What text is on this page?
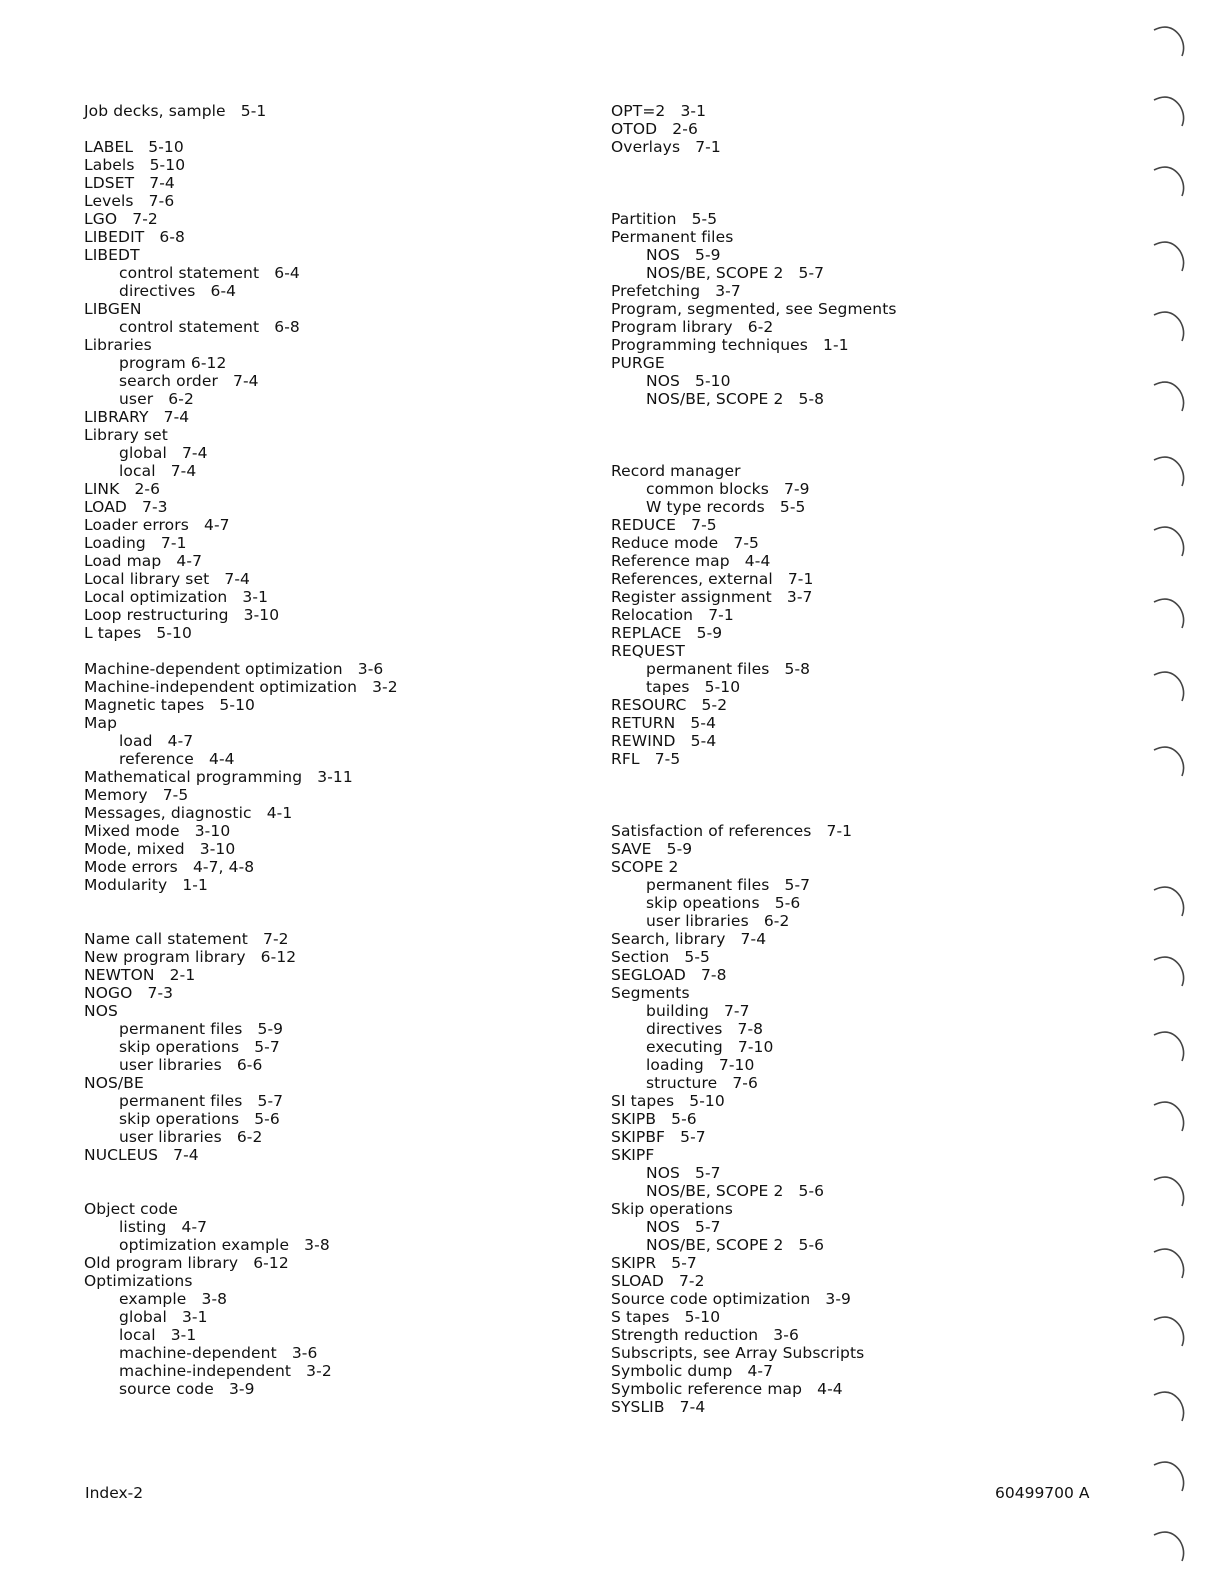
Job decks, sample   5-1
LABEL   5-10
Labels   5-10
LDSET   7-4
Levels   7-6
LGO   7-2
LIBEDIT   6-8
LIBEDT
control statement   6-4
directives   6-4
LIBGEN
control statement   6-8
Libraries
program 6-12
search order   7-4
user   6-2
LIBRARY   7-4
Library set
global   7-4
local   7-4
LINK   2-6
LOAD   7-3
Loader errors   4-7
Loading   7-1
Load map   4-7
Local library set   7-4
Local optimization   3-1
Loop restructuring   3-10
L tapes   5-10
Machine-dependent optimization   3-6
Machine-independent optimization   3-2
Magnetic tapes   5-10
Map
load   4-7
reference   4-4
Mathematical programming   3-11
Memory   7-5
Messages, diagnostic   4-1
Mixed mode   3-10
Mode, mixed   3-10
Mode errors   4-7, 4-8
Modularity   1-1
Name call statement   7-2
New program library   6-12
NEWTON   2-1
NOGO   7-3
NOS
permanent files   5-9
skip operations   5-7
user libraries   6-6
NOS/BE
permanent files   5-7
skip operations   5-6
user libraries   6-2
NUCLEUS   7-4
Object code
listing   4-7
optimization example   3-8
Old program library   6-12
Optimizations
example   3-8
global   3-1
local   3-1
machine-dependent   3-6
machine-independent   3-2
source code   3-9
OPT=2   3-1
OTOD   2-6
Overlays   7-1
Partition   5-5
Permanent files
NOS   5-9
NOS/BE, SCOPE 2   5-7
Prefetching   3-7
Program, segmented, see Segments
Program library   6-2
Programming techniques   1-1
PURGE
NOS   5-10
NOS/BE, SCOPE 2   5-8
Record manager
common blocks   7-9
W type records   5-5
REDUCE   7-5
Reduce mode   7-5
Reference map   4-4
References, external   7-1
Register assignment   3-7
Relocation   7-1
REPLACE   5-9
REQUEST
permanent files   5-8
tapes   5-10
RESOURC   5-2
RETURN   5-4
REWIND   5-4
RFL   7-5
Satisfaction of references   7-1
SAVE   5-9
SCOPE 2
permanent files   5-7
skip opeations   5-6
user libraries   6-2
Search, library   7-4
Section   5-5
SEGLOAD   7-8
Segments
building   7-7
directives   7-8
executing   7-10
loading   7-10
structure   7-6
SI tapes   5-10
SKIPB   5-6
SKIPBF   5-7
SKIPF
NOS   5-7
NOS/BE, SCOPE 2   5-6
Skip operations
NOS   5-7
NOS/BE, SCOPE 2   5-6
SKIPR   5-7
SLOAD   7-2
Source code optimization   3-9
S tapes   5-10
Strength reduction   3-6
Subscripts, see Array Subscripts
Symbolic dump   4-7
Symbolic reference map   4-4
SYSLIB   7-4
Index-2	60499700 A
